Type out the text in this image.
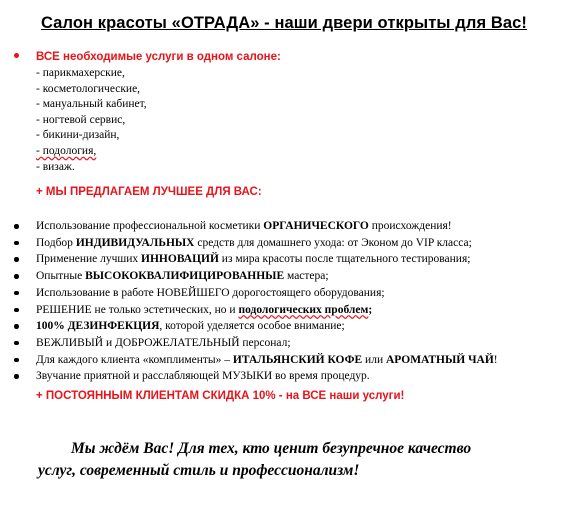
Салон красоты «ОТРАДА» - наши двери открыты для Вас!
ВСЕ необходимые услуги в одном салоне:
- парикмахерские,
- косметологические,
- мануальный кабинет,
- ногтевой сервис,
- бикини-дизайн,
- подология,
- визаж.
+ МЫ ПРЕДЛАГАЕМ ЛУЧШЕЕ ДЛЯ ВАС:
Использование профессиональной косметики ОРГАНИЧЕСКОГО происхождения!
Подбор ИНДИВИДУАЛЬНЫХ средств для домашнего ухода: от Эконом до VIP класса;
Применение лучших ИННОВАЦИЙ из мира красоты после тщательного тестирования;
Опытные ВЫСОКОКВАЛИФИЦИРОВАННЫЕ мастера;
Использование в работе НОВЕЙШЕГО дорогостоящего оборудования;
РЕШЕНИЕ не только эстетических, но и подологических проблем;
100% ДЕЗИНФЕКЦИЯ, которой уделяется особое внимание;
ВЕЖЛИВЫЙ и ДОБРОЖЕЛАТЕЛЬНЫЙ персонал;
Для каждого клиента «комплименты» – ИТАЛЬЯНСКИЙ КОФЕ или АРОМАТНЫЙ ЧАЙ!
Звучание приятной и расслабляющей МУЗЫКИ во время процедур.
+ ПОСТОЯННЫМ КЛИЕНТАМ СКИДКА 10% - на ВСЕ наши услуги!
Мы ждём Вас! Для тех, кто ценит безупречное качество
услуг, современный стиль и профессионализм!
